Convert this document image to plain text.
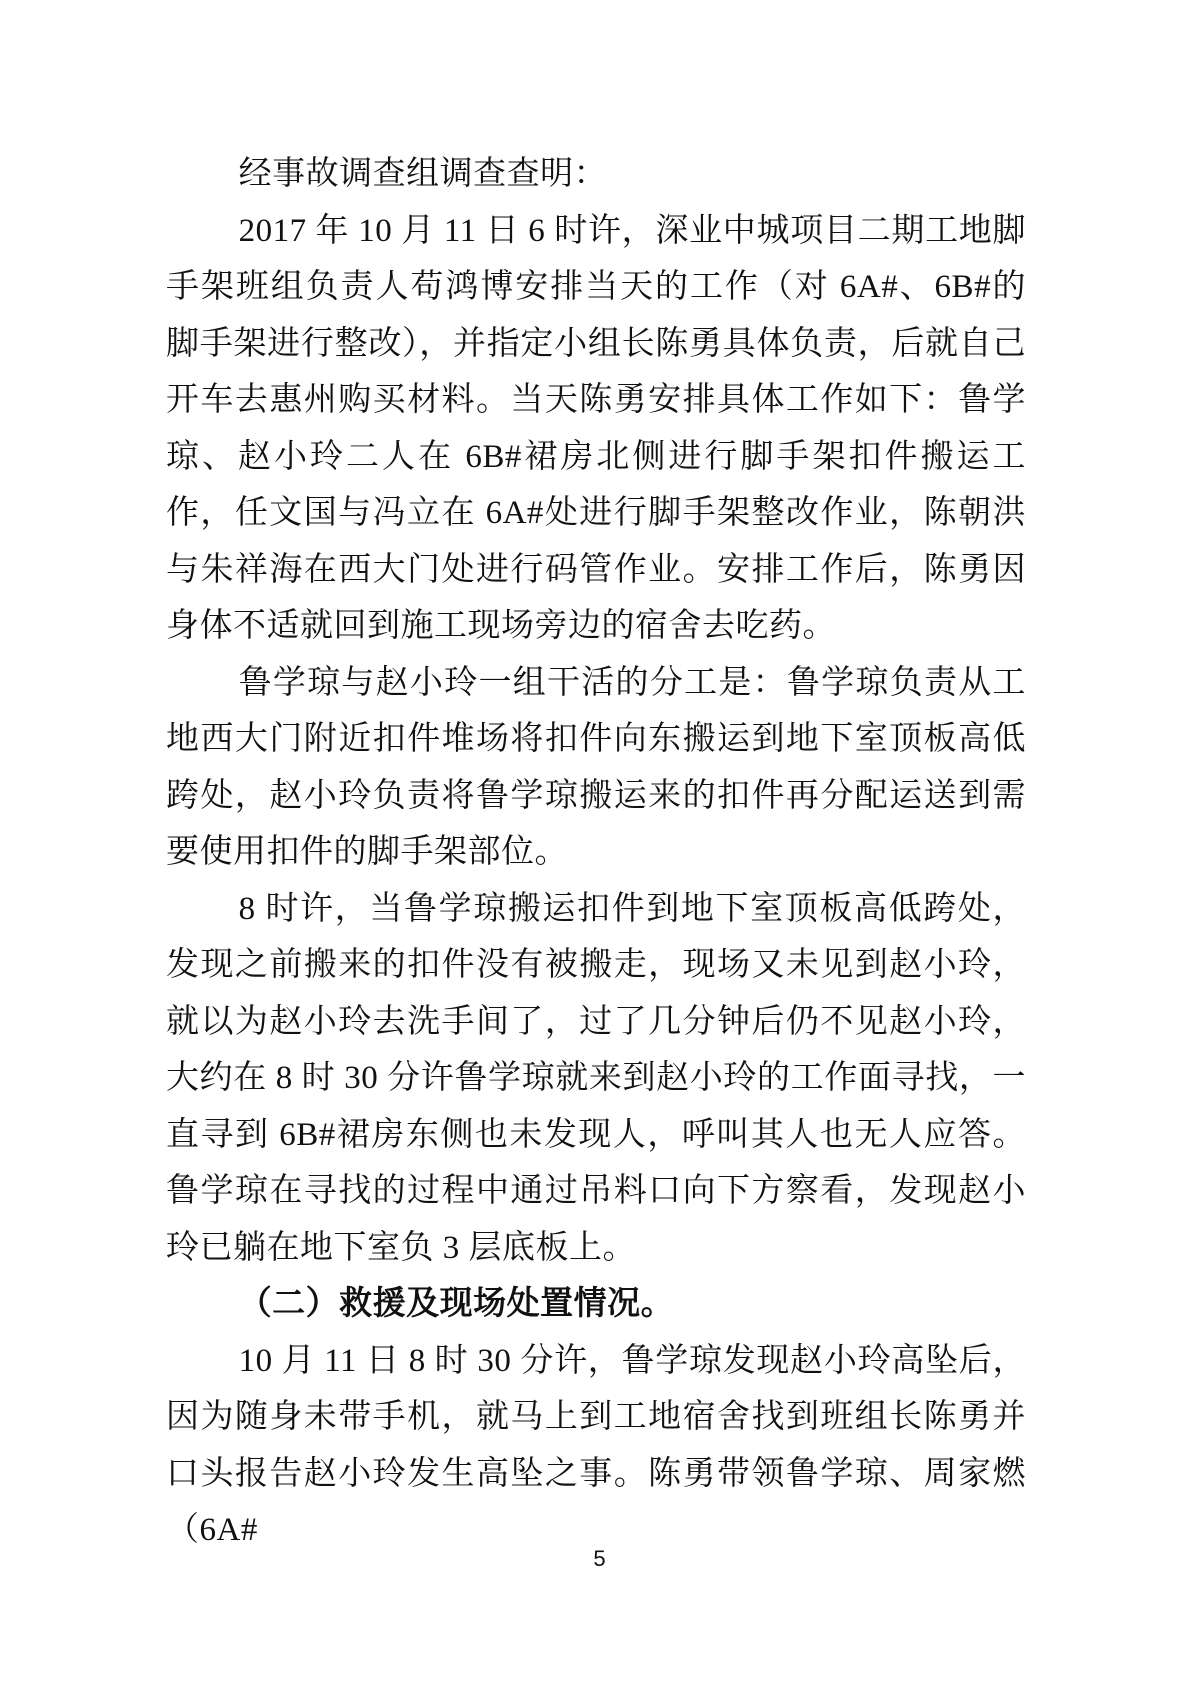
经事故调查组调查查明：

2017 年 10 月 11 日 6 时许，深业中城项目二期工地脚手架班组负责人苟鸿博安排当天的工作（对 6A#、6B#的脚手架进行整改），并指定小组长陈勇具体负责，后就自己开车去惠州购买材料。当天陈勇安排具体工作如下：鲁学琼、赵小玲二人在 6B#裙房北侧进行脚手架扣件搬运工作，任文国与冯立在 6A#处进行脚手架整改作业，陈朝洪与朱祥海在西大门处进行码管作业。安排工作后，陈勇因身体不适就回到施工现场旁边的宿舍去吃药。

鲁学琼与赵小玲一组干活的分工是：鲁学琼负责从工地西大门附近扣件堆场将扣件向东搬运到地下室顶板高低跨处，赵小玲负责将鲁学琼搬运来的扣件再分配运送到需要使用扣件的脚手架部位。

8 时许，当鲁学琼搬运扣件到地下室顶板高低跨处，发现之前搬来的扣件没有被搬走，现场又未见到赵小玲，就以为赵小玲去洗手间了，过了几分钟后仍不见赵小玲，大约在 8 时 30 分许鲁学琼就来到赵小玲的工作面寻找，一直寻到 6B#裙房东侧也未发现人，呼叫其人也无人应答。鲁学琼在寻找的过程中通过吊料口向下方察看，发现赵小玲已躺在地下室负 3 层底板上。

（二）救援及现场处置情况。

10 月 11 日 8 时 30 分许，鲁学琼发现赵小玲高坠后，因为随身未带手机，就马上到工地宿舍找到班组长陈勇并口头报告赵小玲发生高坠之事。陈勇带领鲁学琼、周家燃（6A#

5
